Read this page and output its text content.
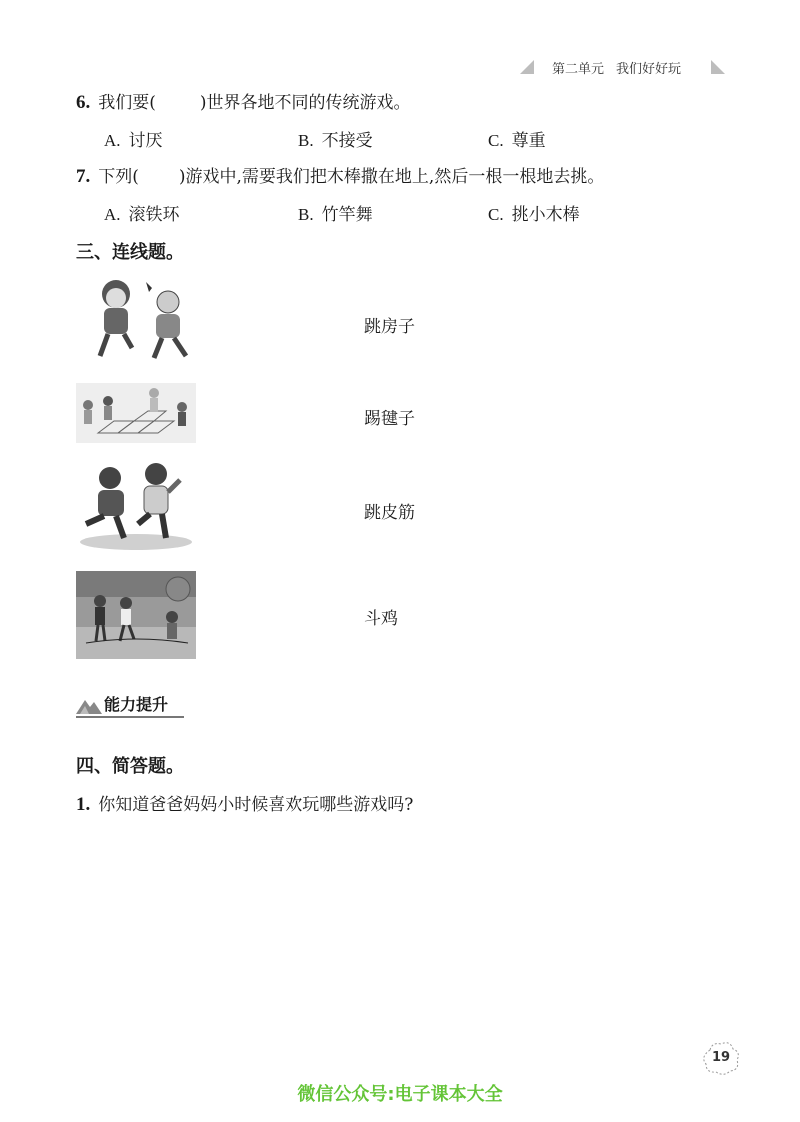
第二单元 我们好好玩
6. 我们要(	)世界各地不同的传统游戏。
A. 讨厌	B. 不接受	C. 尊重
7. 下列( )游戏中,需要我们把木棒撒在地上,然后一根一根地去挑。
A. 滚铁环	B. 竹竿舞	C. 挑小木棒
三、连线题。
跳房子
踢毽子
跳皮筋
斗鸡
能力提升
四、简答题。
1. 你知道爸爸妈妈小时候喜欢玩哪些游戏吗?
19
微信公众号:电子课本大全
